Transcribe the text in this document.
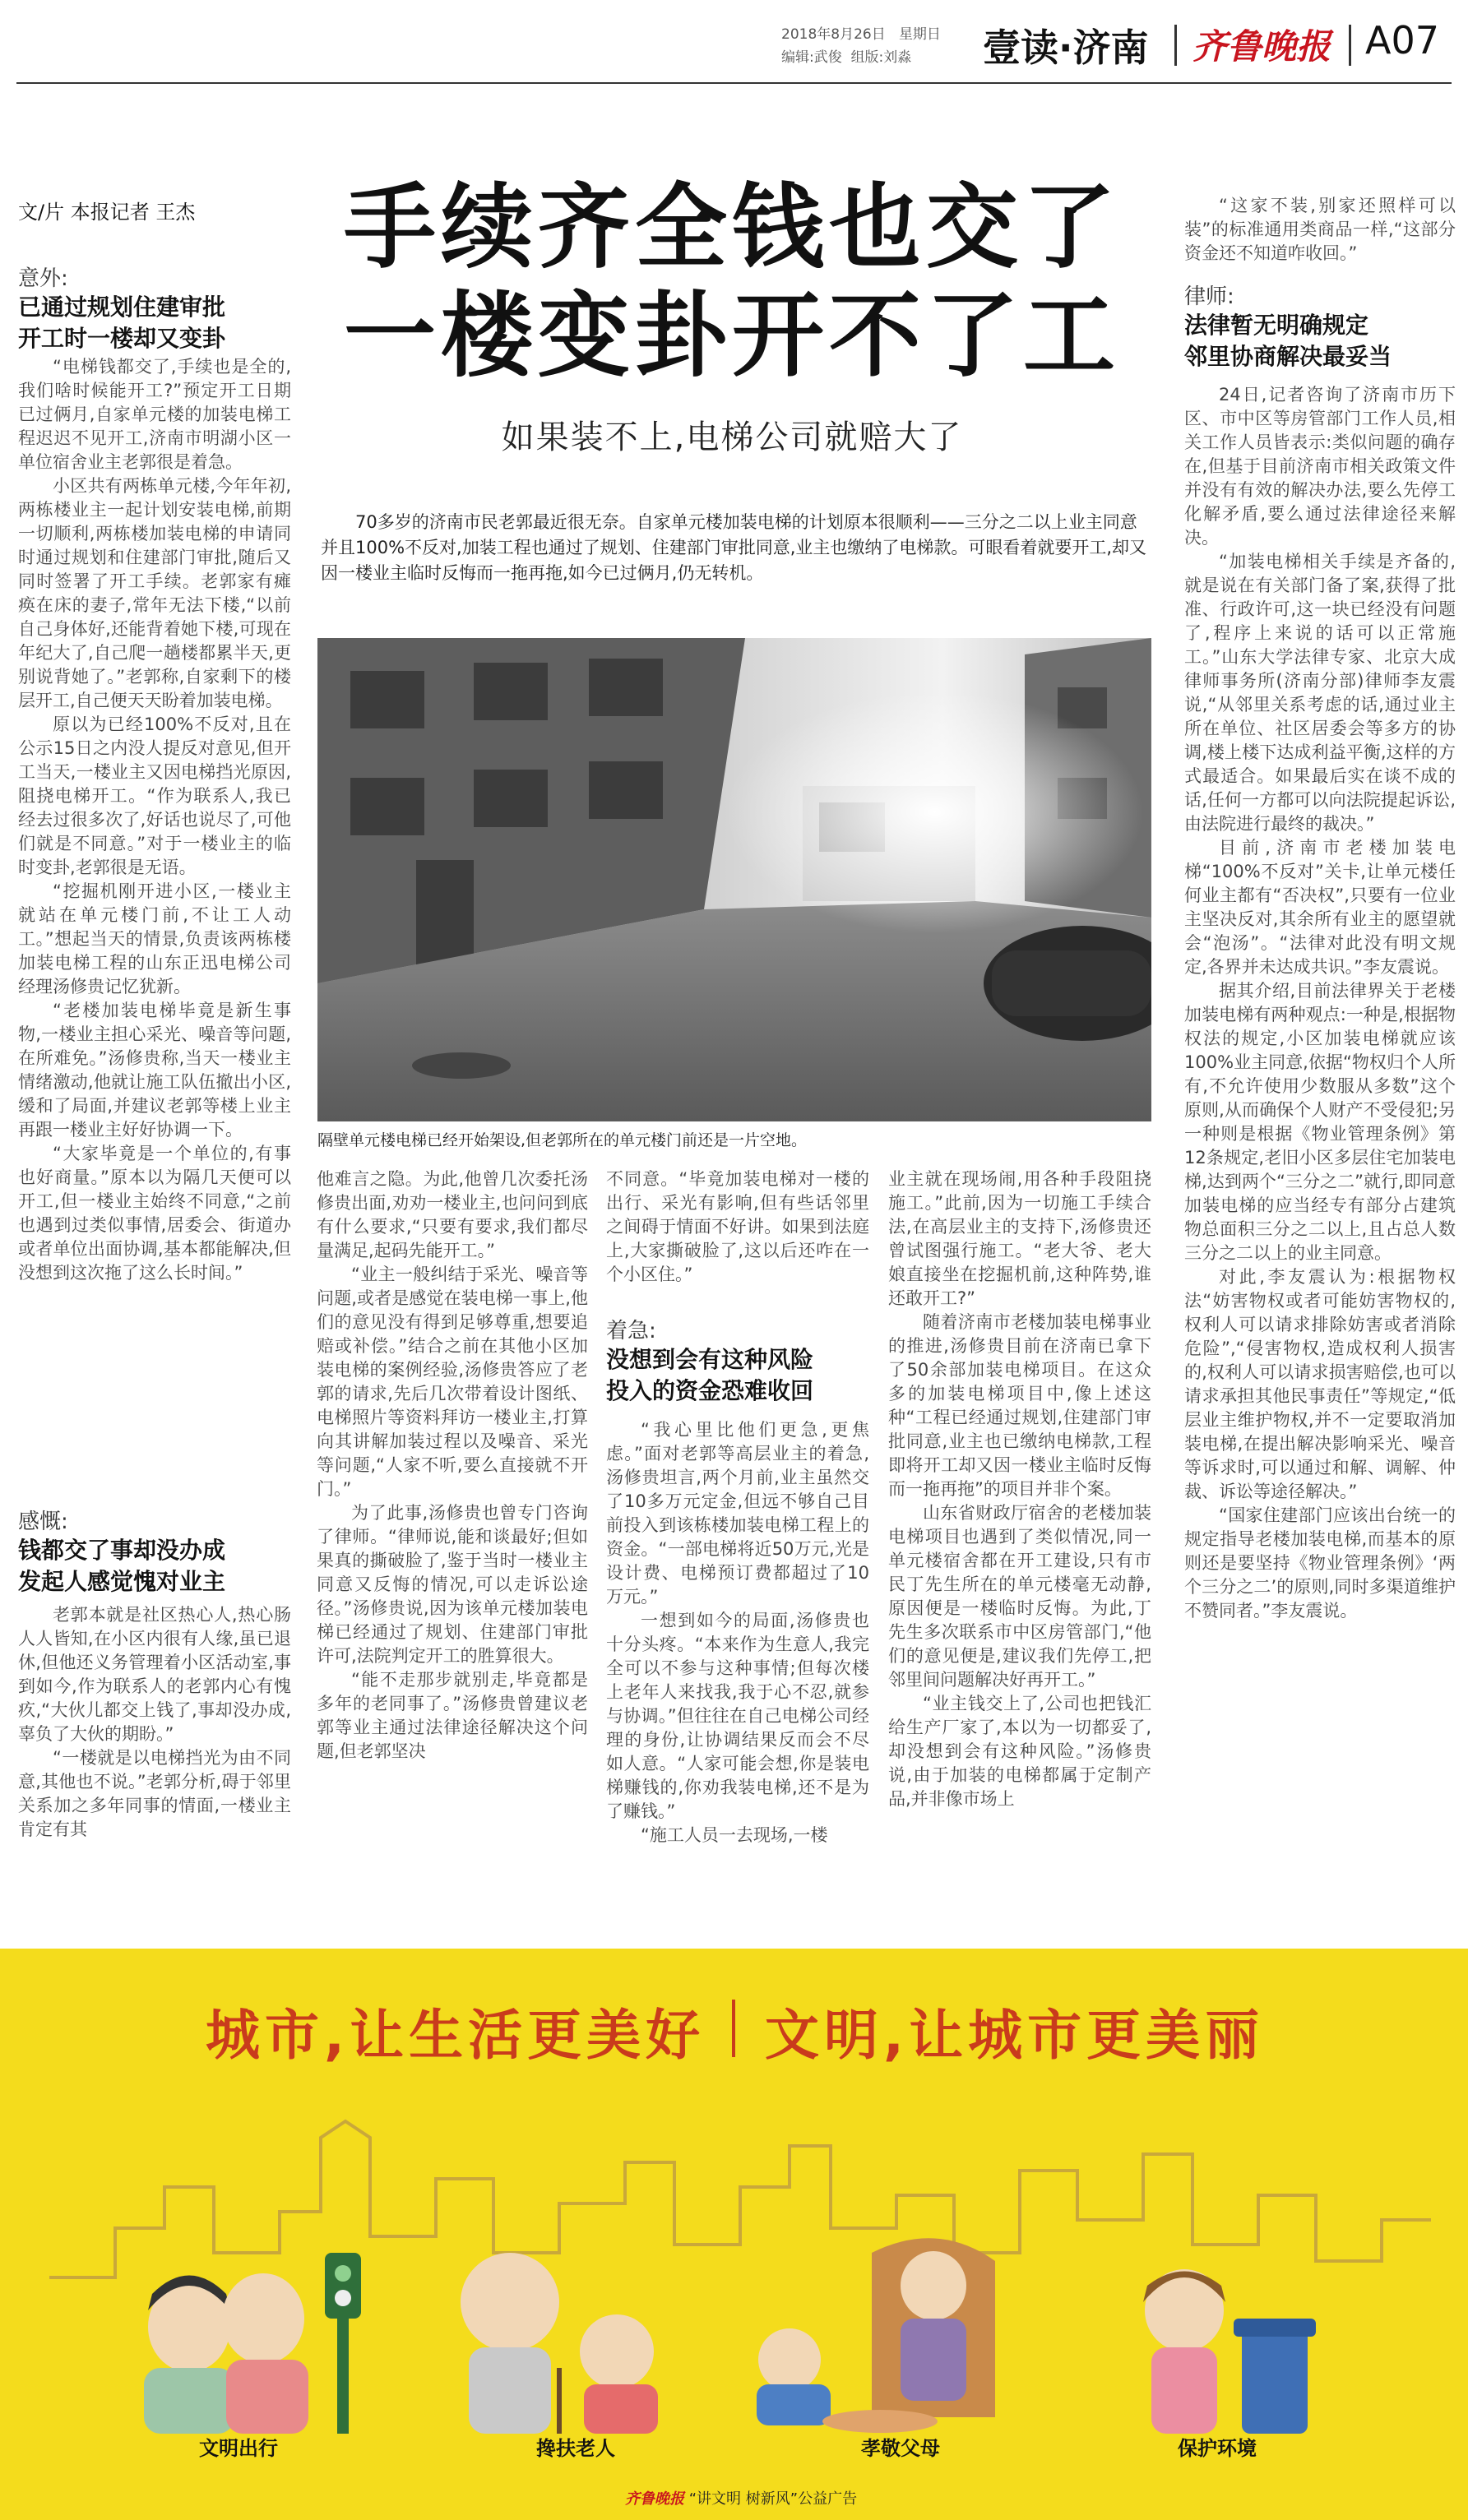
2018年8月26日 星期日
编辑:武俊 组版:刘淼	壹读·济南 齐鲁晚报 A07
文/片 本报记者 王杰
意外:
已通过规划住建审批
开工时一楼却又变卦

“电梯钱都交了,手续也是全的,我们啥时候能开工?”预定开工日期已过俩月,自家单元楼的加装电梯工程迟迟不见开工,济南市明湖小区一单位宿舍业主老郭很是着急。

小区共有两栋单元楼,今年年初,两栋楼业主一起计划安装电梯,前期一切顺利,两栋楼加装电梯的申请同时通过规划和住建部门审批,随后又同时签署了开工手续。老郭家有瘫痪在床的妻子,常年无法下楼,“以前自己身体好,还能背着她下楼,可现在年纪大了,自己爬一趟楼都累半天,更别说背她了。”老郭称,自家剩下的楼层开工,自己便天天盼着加装电梯。

原以为已经100%不反对,且在公示15日之内没人提反对意见,但开工当天,一楼业主又因电梯挡光原因,阻挠电梯开工。“作为联系人,我已经去过很多次了,好话也说尽了,可他们就是不同意。”对于一楼业主的临时变卦,老郭很是无语。

“挖掘机刚开进小区,一楼业主就站在单元楼门前,不让工人动工。”想起当天的情景,负责该两栋楼加装电梯工程的山东正迅电梯公司经理汤修贵记忆犹新。

“老楼加装电梯毕竟是新生事物,一楼业主担心采光、噪音等问题,在所难免。”汤修贵称,当天一楼业主情绪激动,他就让施工队伍撤出小区,缓和了局面,并建议老郭等楼上业主再跟一楼业主好好协调一下。

“大家毕竟是一个单位的,有事也好商量。”原本以为隔几天便可以开工,但一楼业主始终不同意,“之前也遇到过类似事情,居委会、街道办或者单位出面协调,基本都能解决,但没想到这次拖了这么长时间。”

感慨:
钱都交了事却没办成
发起人感觉愧对业主

老郭本就是社区热心人,热心肠人人皆知,在小区内很有人缘,虽已退休,但他还义务管理着小区活动室,事到如今,作为联系人的老郭内心有愧疚,“大伙儿都交上钱了,事却没办成,辜负了大伙的期盼。”

“一楼就是以电梯挡光为由不同意,其他也不说。”老郭分析,碍于邻里关系加之多年同事的情面,一楼业主肯定有其

手续齐全钱也交了
一楼变卦开不了工
如果装不上,电梯公司就赔大了
70多岁的济南市民老郭最近很无奈。自家单元楼加装电梯的计划原本很顺利——三分之二以上业主同意并且100%不反对,加装工程也通过了规划、住建部门审批同意,业主也缴纳了电梯款。可眼看着就要开工,却又因一楼业主临时反悔而一拖再拖,如今已过俩月,仍无转机。
隔壁单元楼电梯已经开始架设,但老郭所在的单元楼门前还是一片空地。

他难言之隐。为此,他曾几次委托汤修贵出面,劝劝一楼业主,也问问到底有什么要求,“只要有要求,我们都尽量满足,起码先能开工。”

“业主一般纠结于采光、噪音等问题,或者是感觉在装电梯一事上,他们的意见没有得到足够尊重,想要追赔或补偿。”结合之前在其他小区加装电梯的案例经验,汤修贵答应了老郭的请求,先后几次带着设计图纸、电梯照片等资料拜访一楼业主,打算向其讲解加装过程以及噪音、采光等问题,“人家不听,要么直接就不开门。”

为了此事,汤修贵也曾专门咨询了律师。“律师说,能和谈最好;但如果真的撕破脸了,鉴于当时一楼业主同意又反悔的情况,可以走诉讼途径。”汤修贵说,因为该单元楼加装电梯已经通过了规划、住建部门审批许可,法院判定开工的胜算很大。

“能不走那步就别走,毕竟都是多年的老同事了。”汤修贵曾建议老郭等业主通过法律途径解决这个问题,但老郭坚决

不同意。“毕竟加装电梯对一楼的出行、采光有影响,但有些话邻里之间碍于情面不好讲。如果到法庭上,大家撕破脸了,这以后还咋在一个小区住。”

着急:
没想到会有这种风险
投入的资金恐难收回

“我心里比他们更急,更焦虑。”面对老郭等高层业主的着急,汤修贵坦言,两个月前,业主虽然交了10多万元定金,但远不够自己目前投入到该栋楼加装电梯工程上的资金。“一部电梯将近50万元,光是设计费、电梯预订费都超过了10万元。”

一想到如今的局面,汤修贵也十分头疼。“本来作为生意人,我完全可以不参与这种事情;但每次楼上老年人来找我,我于心不忍,就参与协调。”但往往在自己电梯公司经理的身份,让协调结果反而会不尽如人意。“人家可能会想,你是装电梯赚钱的,你劝我装电梯,还不是为了赚钱。”

“施工人员一去现场,一楼

业主就在现场闹,用各种手段阻挠施工。”此前,因为一切施工手续合法,在高层业主的支持下,汤修贵还曾试图强行施工。“老大爷、老大娘直接坐在挖掘机前,这种阵势,谁还敢开工?”

随着济南市老楼加装电梯事业的推进,汤修贵目前在济南已拿下了50余部加装电梯项目。在这众多的加装电梯项目中,像上述这种“工程已经通过规划,住建部门审批同意,业主也已缴纳电梯款,工程即将开工却又因一楼业主临时反悔而一拖再拖”的项目并非个案。

山东省财政厅宿舍的老楼加装电梯项目也遇到了类似情况,同一单元楼宿舍都在开工建设,只有市民丁先生所在的单元楼毫无动静,原因便是一楼临时反悔。为此,丁先生多次联系市中区房管部门,“他们的意见便是,建议我们先停工,把邻里间问题解决好再开工。”

“业主钱交上了,公司也把钱汇给生产厂家了,本以为一切都妥了,却没想到会有这种风险。”汤修贵说,由于加装的电梯都属于定制产品,并非像市场上

“这家不装,别家还照样可以装”的标准通用类商品一样,“这部分资金还不知道咋收回。”

律师:
法律暂无明确规定
邻里协商解决最妥当

24日,记者咨询了济南市历下区、市中区等房管部门工作人员,相关工作人员皆表示:类似问题的确存在,但基于目前济南市相关政策文件并没有有效的解决办法,要么先停工化解矛盾,要么通过法律途径来解决。

“加装电梯相关手续是齐备的,就是说在有关部门备了案,获得了批准、行政许可,这一块已经没有问题了,程序上来说的话可以正常施工。”山东大学法律专家、北京大成律师事务所(济南分部)律师李友震说,“从邻里关系考虑的话,通过业主所在单位、社区居委会等多方的协调,楼上楼下达成利益平衡,这样的方式最适合。如果最后实在谈不成的话,任何一方都可以向法院提起诉讼,由法院进行最终的裁决。”

目前,济南市老楼加装电梯“100%不反对”关卡,让单元楼任何业主都有“否决权”,只要有一位业主坚决反对,其余所有业主的愿望就会“泡汤”。“法律对此没有明文规定,各界并未达成共识。”李友震说。

据其介绍,目前法律界关于老楼加装电梯有两种观点:一种是,根据物权法的规定,小区加装电梯就应该100%业主同意,依据“物权归个人所有,不允许使用少数服从多数”这个原则,从而确保个人财产不受侵犯;另一种则是根据《物业管理条例》第12条规定,老旧小区多层住宅加装电梯,达到两个“三分之二”就行,即同意加装电梯的应当经专有部分占建筑物总面积三分之二以上,且占总人数三分之二以上的业主同意。

对此,李友震认为:根据物权法“妨害物权或者可能妨害物权的,权利人可以请求排除妨害或者消除危险”,“侵害物权,造成权利人损害的,权利人可以请求损害赔偿,也可以请求承担其他民事责任”等规定,“低层业主维护物权,并不一定要取消加装电梯,在提出解决影响采光、噪音等诉求时,可以通过和解、调解、仲裁、诉讼等途径解决。”

“国家住建部门应该出台统一的规定指导老楼加装电梯,而基本的原则还是要坚持《物业管理条例》‘两个三分之二’的原则,同时多渠道维护不赞同者。”李友震说。

城市,让生活更美好 文明,让城市更美丽
文明出行	搀扶老人	孝敬父母	保护环境
齐鲁晚报 “讲文明 树新风”公益广告
